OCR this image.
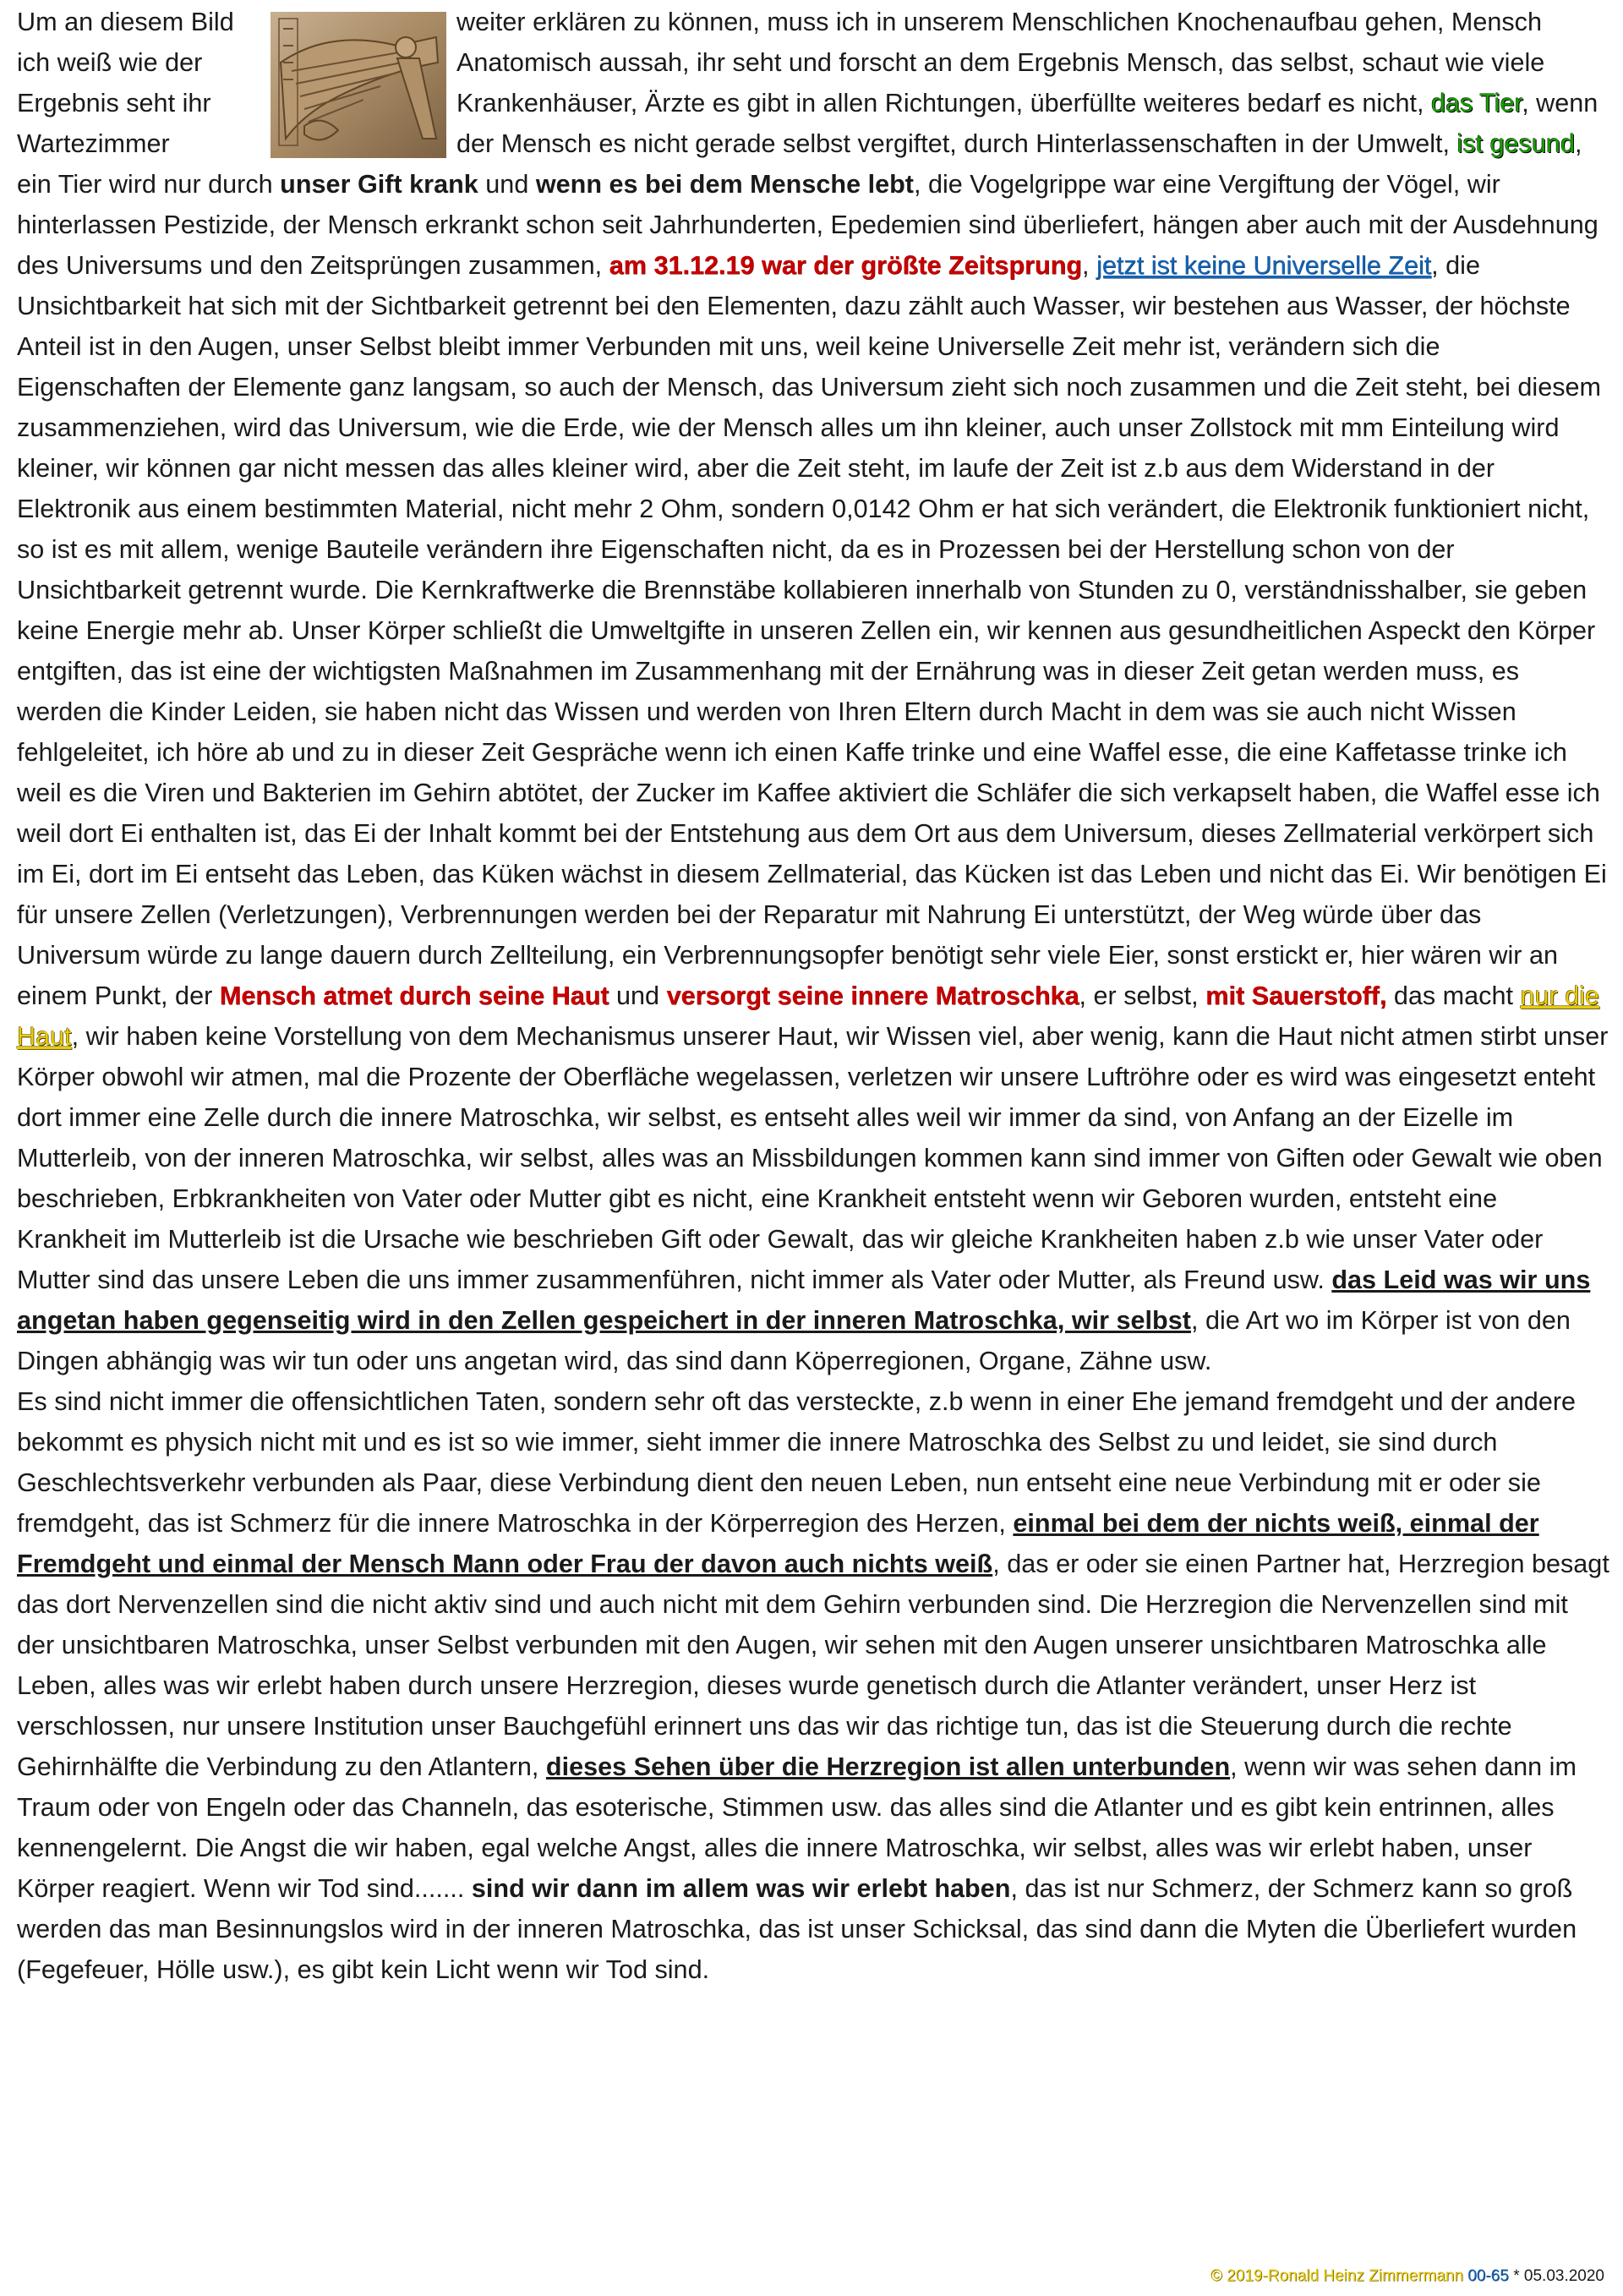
Um an diesem Bild
ich weiß wie der
Ergebnis seht ihr
Wartezimmer

weiter erklären zu können, muss ich in unserem Menschlichen Knochenaufbau gehen, Mensch Anatomisch aussah, ihr seht und forscht an dem Ergebnis Mensch, das selbst, schaut wie viele Krankenhäuser, Ärzte es gibt in allen Richtungen, überfüllte weiteres bedarf es nicht, das Tier, wenn der Mensch es nicht gerade selbst vergiftet, durch Hinterlassenschaften in der Umwelt, ist gesund, ein Tier wird nur durch unser Gift krank und wenn es bei dem Mensche lebt, die Vogelgrippe war eine Vergiftung der Vögel, wir hinterlassen Pestizide, der Mensch erkrankt schon seit Jahrhunderten, Epedemien sind überliefert, hängen aber auch mit der Ausdehnung des Universums und den Zeitsprüngen zusammen, am 31.12.19 war der größte Zeitsprung, jetzt ist keine Universelle Zeit, die Unsichtbarkeit hat sich mit der Sichtbarkeit getrennt bei den Elementen, dazu zählt auch Wasser, wir bestehen aus Wasser, der höchste Anteil ist in den Augen, unser Selbst bleibt immer Verbunden mit uns, weil keine Universelle Zeit mehr ist, verändern sich die Eigenschaften der Elemente ganz langsam, so auch der Mensch, das Universum zieht sich noch zusammen und die Zeit steht, bei diesem zusammenziehen, wird das Universum, wie die Erde, wie der Mensch alles um ihn kleiner, auch unser Zollstock mit mm Einteilung wird kleiner, wir können gar nicht messen das alles kleiner wird, aber die Zeit steht, im laufe der Zeit ist z.b aus dem Widerstand in der Elektronik aus einem bestimmten Material, nicht mehr 2 Ohm, sondern 0,0142 Ohm er hat sich verändert, die Elektronik funktioniert nicht, so ist es mit allem, wenige Bauteile verändern ihre Eigenschaften nicht, da es in Prozessen bei der Herstellung schon von der Unsichtbarkeit getrennt wurde. Die Kernkraftwerke die Brennstäbe kollabieren innerhalb von Stunden zu 0, verständnisshalber, sie geben keine Energie mehr ab. Unser Körper schließt die Umweltgifte in unseren Zellen ein, wir kennen aus gesundheitlichen Aspeckt den Körper entgiften, das ist eine der wichtigsten Maßnahmen im Zusammenhang mit der Ernährung was in dieser Zeit getan werden muss, es werden die Kinder Leiden, sie haben nicht das Wissen und werden von Ihren Eltern durch Macht in dem was sie auch nicht Wissen fehlgeleitet, ich höre ab und zu in dieser Zeit Gespräche wenn ich einen Kaffe trinke und eine Waffel esse, die eine Kaffetasse trinke ich weil es die Viren und Bakterien im Gehirn abtötet, der Zucker im Kaffee aktiviert die Schläfer die sich verkapselt haben, die Waffel esse ich weil dort Ei enthalten ist, das Ei der Inhalt kommt bei der Entstehung aus dem Ort aus dem Universum, dieses Zellmaterial verkörpert sich im Ei, dort im Ei entseht das Leben, das Küken wächst in diesem Zellmaterial, das Kücken ist das Leben und nicht das Ei. Wir benötigen Ei für unsere Zellen (Verletzungen), Verbrennungen werden bei der Reparatur mit Nahrung Ei unterstützt, der Weg würde über das Universum würde zu lange dauern durch Zellteilung, ein Verbrennungsopfer benötigt sehr viele Eier, sonst erstickt er, hier wären wir an einem Punkt, der Mensch atmet durch seine Haut und versorgt seine innere Matroschka, er selbst, mit Sauerstoff, das macht nur die Haut, wir haben keine Vorstellung von dem Mechanismus unserer Haut, wir Wissen viel, aber wenig, kann die Haut nicht atmen stirbt unser Körper obwohl wir atmen, mal die Prozente der Oberfläche wegelassen, verletzen wir unsere Luftröhre oder es wird was eingesetzt enteht dort immer eine Zelle durch die innere Matroschka, wir selbst, es entseht alles weil wir immer da sind, von Anfang an der Eizelle im Mutterleib, von der inneren Matroschka, wir selbst, alles was an Missbildungen kommen kann sind immer von Giften oder Gewalt wie oben beschrieben, Erbkrankheiten von Vater oder Mutter gibt es nicht, eine Krankheit entsteht wenn wir Geboren wurden, entsteht eine Krankheit im Mutterleib ist die Ursache wie beschrieben Gift oder Gewalt, das wir gleiche Krankheiten haben z.b wie unser Vater oder Mutter sind das unsere Leben die uns immer zusammenführen, nicht immer als Vater oder Mutter, als Freund usw. das Leid was wir uns angetan haben gegenseitig wird in den Zellen gespeichert in der inneren Matroschka, wir selbst, die Art wo im Körper ist von den Dingen abhängig was wir tun oder uns angetan wird, das sind dann Köperregionen, Organe, Zähne usw.

Es sind nicht immer die offensichtlichen Taten, sondern sehr oft das versteckte, z.b wenn in einer Ehe jemand fremdgeht und der andere bekommt es physich nicht mit und es ist so wie immer, sieht immer die innere Matroschka des Selbst zu und leidet, sie sind durch Geschlechtsverkehr verbunden als Paar, diese Verbindung dient den neuen Leben, nun entseht eine neue Verbindung mit er oder sie fremdgeht, das ist Schmerz für die innere Matroschka in der Körperregion des Herzen, einmal bei dem der nichts weiß, einmal der Fremdgeht und einmal der Mensch Mann oder Frau der davon auch nichts weiß, das er oder sie einen Partner hat, Herzregion besagt das dort Nervenzellen sind die nicht aktiv sind und auch nicht mit dem Gehirn verbunden sind. Die Herzregion die Nervenzellen sind mit der unsichtbaren Matroschka, unser Selbst verbunden mit den Augen, wir sehen mit den Augen unserer unsichtbaren Matroschka alle Leben, alles was wir erlebt haben durch unsere Herzregion, dieses wurde genetisch durch die Atlanter verändert, unser Herz ist verschlossen, nur unsere Institution unser Bauchgefühl erinnert uns das wir das richtige tun, das ist die Steuerung durch die rechte Gehirnhälfte die Verbindung zu den Atlantern, dieses Sehen über die Herzregion ist allen unterbunden, wenn wir was sehen dann im Traum oder von Engeln oder das Channeln, das esoterische, Stimmen usw. das alles sind die Atlanter und es gibt kein entrinnen, alles kennengelernt. Die Angst die wir haben, egal welche Angst, alles die innere Matroschka, wir selbst, alles was wir erlebt haben, unser Körper reagiert. Wenn wir Tod sind....... sind wir dann im allem was wir erlebt haben, das ist nur Schmerz, der Schmerz kann so groß werden das man Besinnungslos wird in der inneren Matroschka, das ist unser Schicksal, das sind dann die Myten die Überliefert wurden (Fegefeuer, Hölle usw.), es gibt kein Licht wenn wir Tod sind.

© 2019-Ronald Heinz Zimmermann 00-65 * 05.03.2020
